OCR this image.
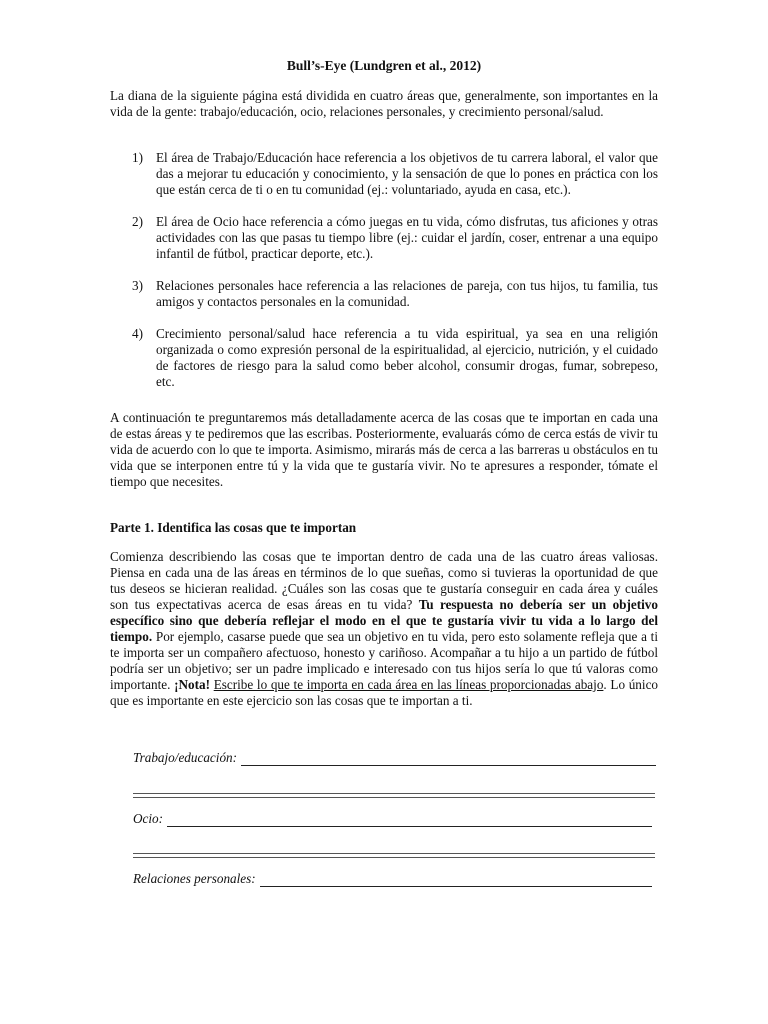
Bull’s-Eye (Lundgren et al., 2012)

La diana de la siguiente página está dividida en cuatro áreas que, generalmente, son importantes en la vida de la gente: trabajo/educación, ocio, relaciones personales, y crecimiento personal/salud.

1) El área de Trabajo/Educación hace referencia a los objetivos de tu carrera laboral, el valor que das a mejorar tu educación y conocimiento, y la sensación de que lo pones en práctica con los que están cerca de ti o en tu comunidad (ej.: voluntariado, ayuda en casa, etc.).
2) El área de Ocio hace referencia a cómo juegas en tu vida, cómo disfrutas, tus aficiones y otras actividades con las que pasas tu tiempo libre (ej.: cuidar el jardín, coser, entrenar a una equipo infantil de fútbol, practicar deporte, etc.).
3) Relaciones personales hace referencia a las relaciones de pareja, con tus hijos, tu familia, tus amigos y contactos personales en la comunidad.
4) Crecimiento personal/salud hace referencia a tu vida espiritual, ya sea en una religión organizada o como expresión personal de la espiritualidad, al ejercicio, nutrición, y el cuidado de factores de riesgo para la salud como beber alcohol, consumir drogas, fumar, sobrepeso, etc.

A continuación te preguntaremos más detalladamente acerca de las cosas que te importan en cada una de estas áreas y te pediremos que las escribas. Posteriormente, evaluarás cómo de cerca estás de vivir tu vida de acuerdo con lo que te importa. Asimismo, mirarás más de cerca a las barreras u obstáculos en tu vida que se interponen entre tú y la vida que te gustaría vivir. No te apresures a responder, tómate el tiempo que necesites.

Parte 1. Identifica las cosas que te importan

Comienza describiendo las cosas que te importan dentro de cada una de las cuatro áreas valiosas. Piensa en cada una de las áreas en términos de lo que sueñas, como si tuvieras la oportunidad de que tus deseos se hicieran realidad. ¿Cuáles son las cosas que te gustaría conseguir en cada área y cuáles son tus expectativas acerca de esas áreas en tu vida? Tu respuesta no debería ser un objetivo específico sino que debería reflejar el modo en el que te gustaría vivir tu vida a lo largo del tiempo. Por ejemplo, casarse puede que sea un objetivo en tu vida, pero esto solamente refleja que a ti te importa ser un compañero afectuoso, honesto y cariñoso. Acompañar a tu hijo a un partido de fútbol podría ser un objetivo; ser un padre implicado e interesado con tus hijos sería lo que tú valoras como importante. ¡Nota! Escribe lo que te importa en cada área en las líneas proporcionadas abajo. Lo único que es importante en este ejercicio son las cosas que te importan a ti.

Trabajo/educación:
Ocio:
Relaciones personales:
